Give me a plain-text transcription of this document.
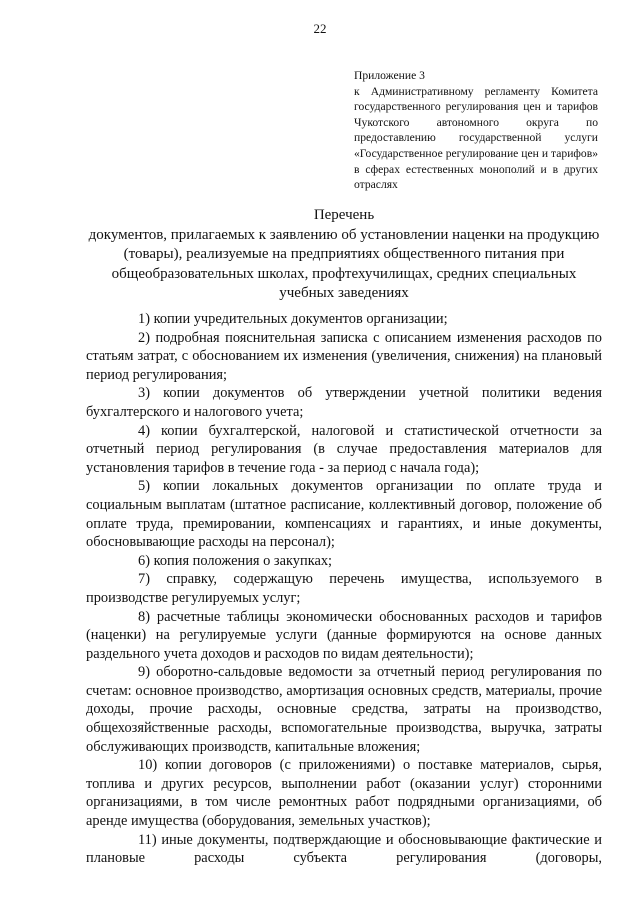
22
Приложение 3
к Административному регламенту Комитета государственного регулирования цен и тарифов Чукотского автономного округа по предоставлению государственной услуги «Государственное регулирование цен и тарифов» в сферах естественных монополий и в других отраслях
Перечень
документов, прилагаемых к заявлению об установлении наценки на продукцию (товары), реализуемые на предприятиях общественного питания при общеобразовательных школах, профтехучилищах, средних специальных учебных заведениях

1) копии учредительных документов организации;

2) подробная пояснительная записка с описанием изменения расходов по статьям затрат, с обоснованием их изменения (увеличения, снижения) на плановый период регулирования;

3) копии документов об утверждении учетной политики ведения бухгалтерского и налогового учета;

4) копии бухгалтерской, налоговой и статистической отчетности за отчетный период регулирования (в случае предоставления материалов для установления тарифов в течение года - за период с начала года);

5) копии локальных документов организации по оплате труда и социальным выплатам (штатное расписание, коллективный договор, положение об оплате труда, премировании, компенсациях и гарантиях, и иные документы, обосновывающие расходы на персонал);

6) копия положения о закупках;

7) справку, содержащую перечень имущества, используемого в производстве регулируемых услуг;

8) расчетные таблицы экономически обоснованных расходов и тарифов (наценки) на регулируемые услуги (данные формируются на основе данных раздельного учета доходов и расходов по видам деятельности);

9) оборотно-сальдовые ведомости за отчетный период регулирования по счетам: основное производство, амортизация основных средств, материалы, прочие доходы, прочие расходы, основные средства, затраты на производство, общехозяйственные расходы, вспомогательные производства, выручка, затраты обслуживающих производств, капитальные вложения;

10) копии договоров (с приложениями) о поставке материалов, сырья, топлива и других ресурсов, выполнении работ (оказании услуг) сторонними организациями, в том числе ремонтных работ подрядными организациями, об аренде имущества (оборудования, земельных участков);

11) иные документы, подтверждающие и обосновывающие фактические и плановые расходы субъекта регулирования (договоры,
